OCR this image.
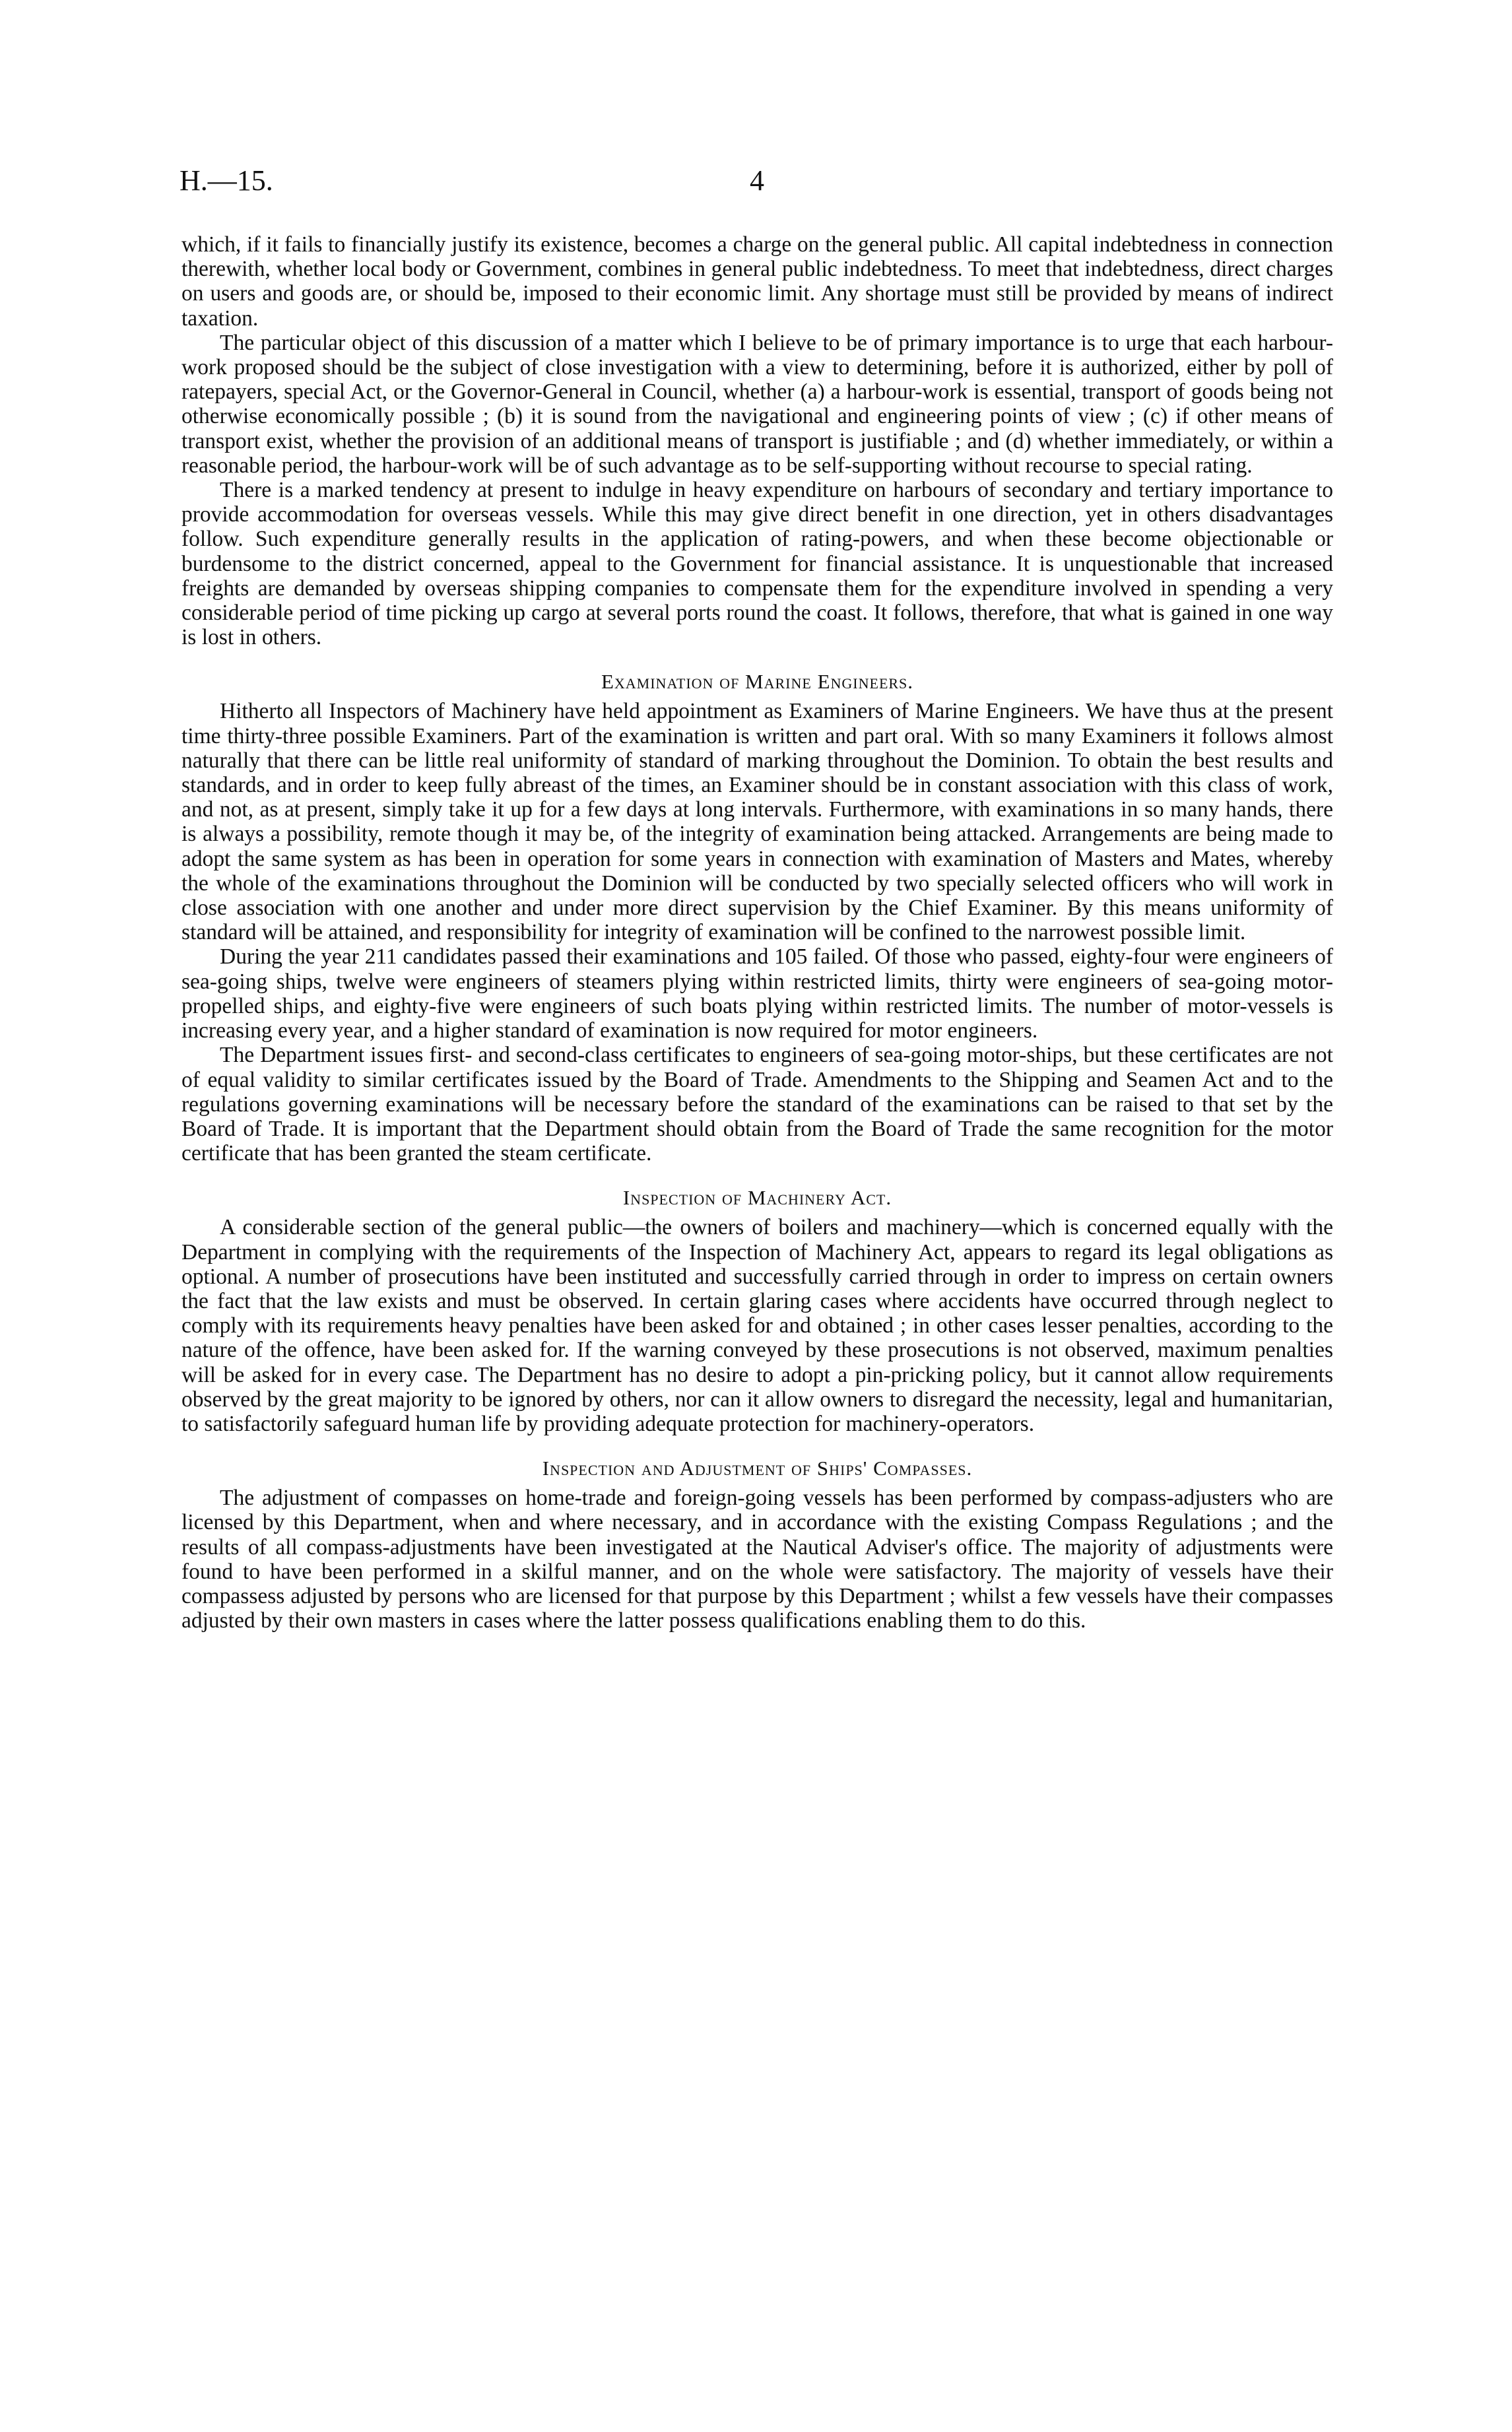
H.—15.	4

which, if it fails to financially justify its existence, becomes a charge on the general public. All capital indebtedness in connection therewith, whether local body or Government, combines in general public indebtedness. To meet that indebtedness, direct charges on users and goods are, or should be, imposed to their economic limit. Any shortage must still be provided by means of indirect taxation.

The particular object of this discussion of a matter which I believe to be of primary importance is to urge that each harbour-work proposed should be the subject of close investigation with a view to determining, before it is authorized, either by poll of ratepayers, special Act, or the Governor-General in Council, whether (a) a harbour-work is essential, transport of goods being not otherwise economically possible ; (b) it is sound from the navigational and engineering points of view ; (c) if other means of transport exist, whether the provision of an additional means of transport is justifiable ; and (d) whether immediately, or within a reasonable period, the harbour-work will be of such advantage as to be self-supporting without recourse to special rating.

There is a marked tendency at present to indulge in heavy expenditure on harbours of secondary and tertiary importance to provide accommodation for overseas vessels. While this may give direct benefit in one direction, yet in others disadvantages follow. Such expenditure generally results in the application of rating-powers, and when these become objectionable or burdensome to the district concerned, appeal to the Government for financial assistance. It is unquestionable that increased freights are demanded by overseas shipping companies to compensate them for the expenditure involved in spending a very considerable period of time picking up cargo at several ports round the coast. It follows, therefore, that what is gained in one way is lost in others.

Examination of Marine Engineers.

Hitherto all Inspectors of Machinery have held appointment as Examiners of Marine Engineers. We have thus at the present time thirty-three possible Examiners. Part of the examination is written and part oral. With so many Examiners it follows almost naturally that there can be little real uniformity of standard of marking throughout the Dominion. To obtain the best results and standards, and in order to keep fully abreast of the times, an Examiner should be in constant association with this class of work, and not, as at present, simply take it up for a few days at long intervals. Furthermore, with examinations in so many hands, there is always a possibility, remote though it may be, of the integrity of examination being attacked. Arrangements are being made to adopt the same system as has been in operation for some years in connection with examination of Masters and Mates, whereby the whole of the examinations throughout the Dominion will be conducted by two specially selected officers who will work in close association with one another and under more direct supervision by the Chief Examiner. By this means uniformity of standard will be attained, and responsibility for integrity of examination will be confined to the narrowest possible limit.

During the year 211 candidates passed their examinations and 105 failed. Of those who passed, eighty-four were engineers of sea-going ships, twelve were engineers of steamers plying within restricted limits, thirty were engineers of sea-going motor-propelled ships, and eighty-five were engineers of such boats plying within restricted limits. The number of motor-vessels is increasing every year, and a higher standard of examination is now required for motor engineers.

The Department issues first- and second-class certificates to engineers of sea-going motor-ships, but these certificates are not of equal validity to similar certificates issued by the Board of Trade. Amendments to the Shipping and Seamen Act and to the regulations governing examinations will be necessary before the standard of the examinations can be raised to that set by the Board of Trade. It is important that the Department should obtain from the Board of Trade the same recognition for the motor certificate that has been granted the steam certificate.

Inspection of Machinery Act.

A considerable section of the general public—the owners of boilers and machinery—which is concerned equally with the Department in complying with the requirements of the Inspection of Machinery Act, appears to regard its legal obligations as optional. A number of prosecutions have been instituted and successfully carried through in order to impress on certain owners the fact that the law exists and must be observed. In certain glaring cases where accidents have occurred through neglect to comply with its requirements heavy penalties have been asked for and obtained ; in other cases lesser penalties, according to the nature of the offence, have been asked for. If the warning conveyed by these prosecutions is not observed, maximum penalties will be asked for in every case. The Department has no desire to adopt a pin-pricking policy, but it cannot allow requirements observed by the great majority to be ignored by others, nor can it allow owners to disregard the necessity, legal and humanitarian, to satisfactorily safeguard human life by providing adequate protection for machinery-operators.

Inspection and Adjustment of Ships' Compasses.

The adjustment of compasses on home-trade and foreign-going vessels has been performed by compass-adjusters who are licensed by this Department, when and where necessary, and in accordance with the existing Compass Regulations ; and the results of all compass-adjustments have been investigated at the Nautical Adviser's office. The majority of adjustments were found to have been performed in a skilful manner, and on the whole were satisfactory. The majority of vessels have their compassess adjusted by persons who are licensed for that purpose by this Department ; whilst a few vessels have their compasses adjusted by their own masters in cases where the latter possess qualifications enabling them to do this.
